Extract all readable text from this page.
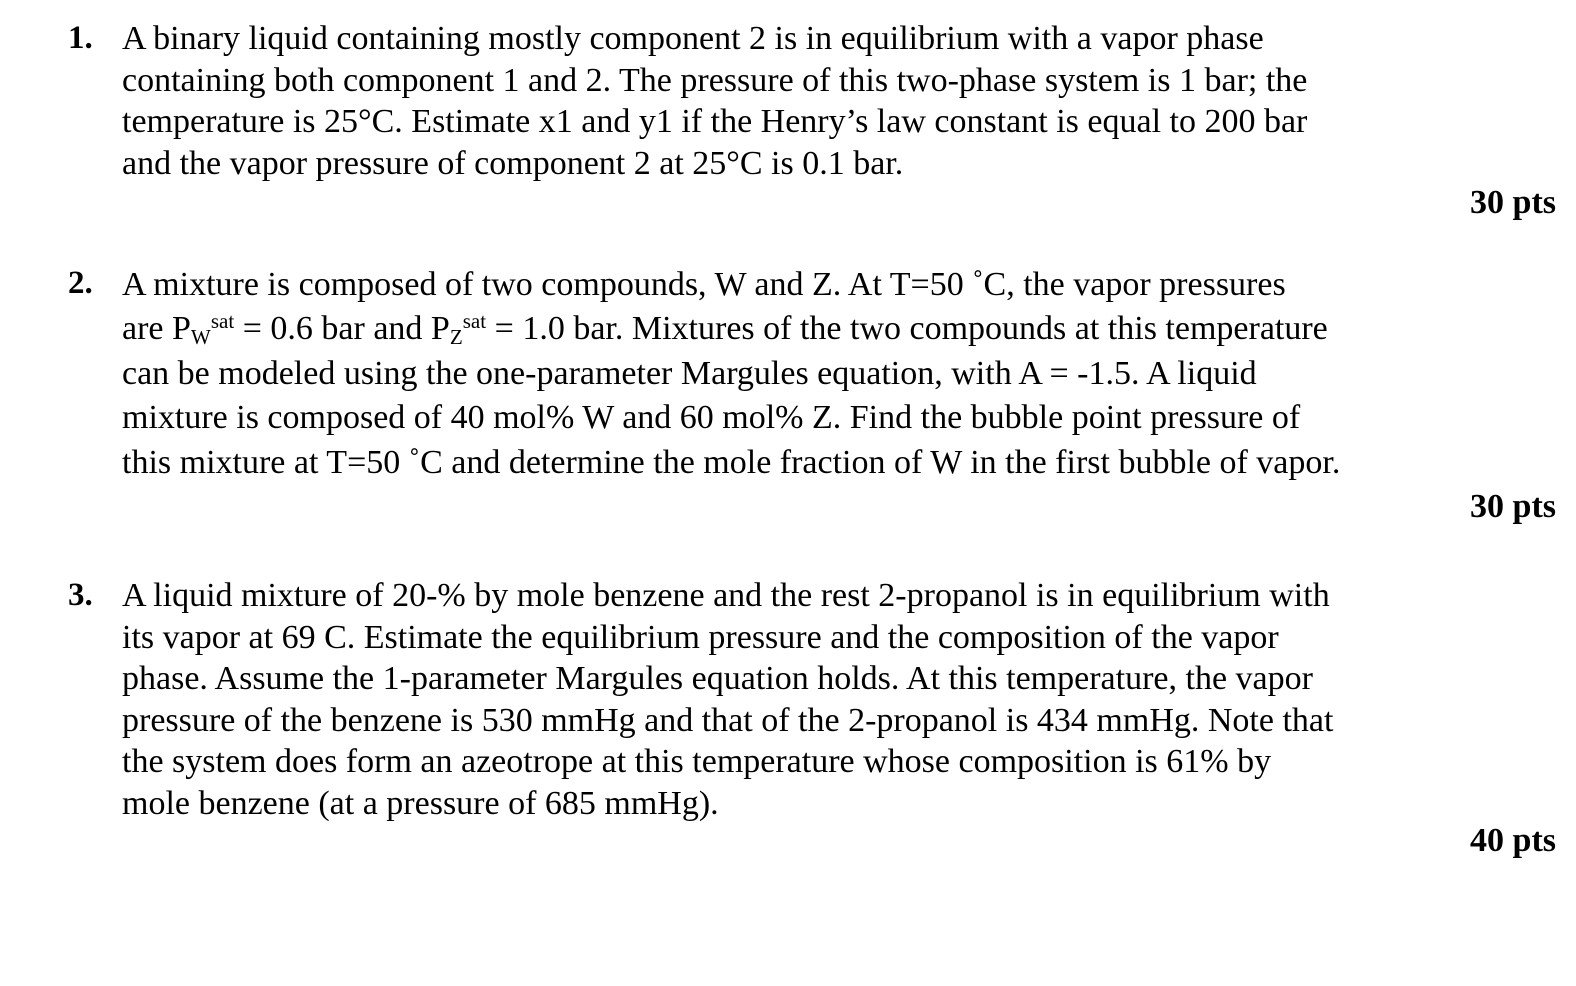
1. A binary liquid containing mostly component 2 is in equilibrium with a vapor phase
containing both component 1 and 2. The pressure of this two-phase system is 1 bar; the
temperature is 25°C. Estimate x1 and y1 if the Henry’s law constant is equal to 200 bar
and the vapor pressure of component 2 at 25°C is 0.1 bar.
30 pts
2. A mixture is composed of two compounds, W and Z. At T=50 ˚C, the vapor pressures
are $P_W^{sat} = 0.6$ bar and $P_Z^{sat} = 1.0$ bar. Mixtures of the two compounds at this temperature
can be modeled using the one-parameter Margules equation, with A = -1.5. A liquid
mixture is composed of 40 mol% W and 60 mol% Z. Find the bubble point pressure of
this mixture at T=50 ˚C and determine the mole fraction of W in the first bubble of vapor.
30 pts
3. A liquid mixture of 20-% by mole benzene and the rest 2-propanol is in equilibrium with
its vapor at 69 C. Estimate the equilibrium pressure and the composition of the vapor
phase. Assume the 1-parameter Margules equation holds. At this temperature, the vapor
pressure of the benzene is 530 mmHg and that of the 2-propanol is 434 mmHg. Note that
the system does form an azeotrope at this temperature whose composition is 61% by
mole benzene (at a pressure of 685 mmHg).
40 pts
